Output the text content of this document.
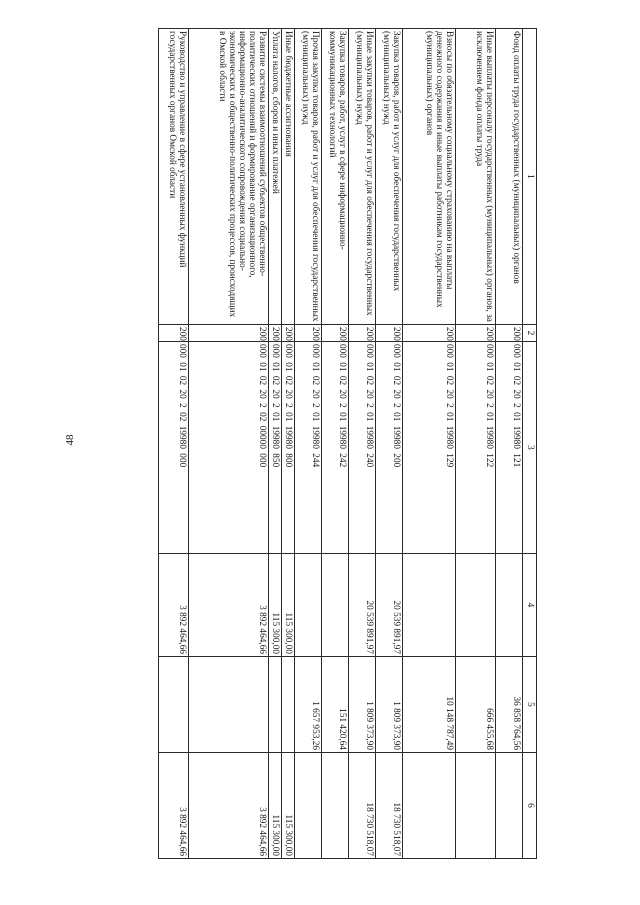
48
1	2	3	4	5	6
Фонд оплаты труда государственных (муниципальных) органов	200	000 01 02 20 2 01 19980 121		36 858 764,56	
Иные выплаты персоналу государственных (муниципальных) органов, за исключением фонда оплаты труда	200	000 01 02 20 2 01 19980 122		666 455,68	
Взносы по обязательному социальному страхованию на выплаты денежного содержания и иные выплаты работникам государственных (муниципальных) органов	200	000 01 02 20 2 01 19980 129		10 148 787,49	
Закупка товаров, работ и услуг для обеспечения государственных (муниципальных) нужд	200	000 01 02 20 2 01 19980 200	20 539 891,97	1 809 373,90	18 730 518,07
Иные закупки товаров, работ и услуг для обеспечения государственных (муниципальных) нужд	200	000 01 02 20 2 01 19980 240	20 539 891,97	1 809 373,90	18 730 518,07
Закупка товаров, работ, услуг в сфере информационно-коммуникационных технологий	200	000 01 02 20 2 01 19980 242		151 420,64	
Прочая закупка товаров, работ и услуг для обеспечения государственных (муниципальных) нужд	200	000 01 02 20 2 01 19980 244		1 657 953,26	
Иные бюджетные ассигнования	200	000 01 02 20 2 01 19980 800	115 300,00		115 300,00
Уплата налогов, сборов и иных платежей	200	000 01 02 20 2 01 19980 850	115 300,00		115 300,00
Развитие системы взаимоотношений субъектов общественно-политических отношений и формирование организационного, информационно-аналитического сопровождения социально-экономических и общественно-политических процессов, происходящих в Омской области	200	000 01 02 20 2 02 00000 000	3 892 464,66		3 892 464,66
Руководство и управление в сфере установленных функций государственных органов Омской области	200	000 01 02 20 2 02 19980 000	3 892 464,66		3 892 464,66
